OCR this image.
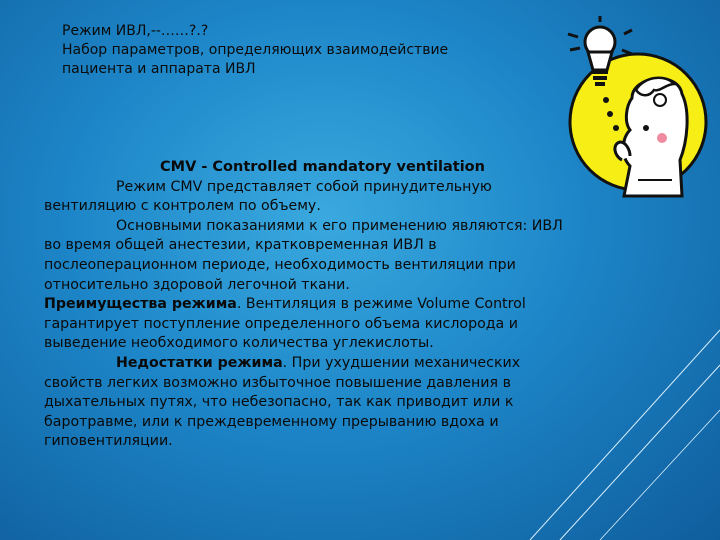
Режим ИВЛ,--……?.?
Набор параметров, определяющих взаимодействие
пациента и аппарата ИВЛ
CMV - Controlled mandatory ventilation
Режим CMV представляет собой принудительную
вентиляцию с контролем по объему.
Основными показаниями к его применению являются: ИВЛ
во время общей анестезии, кратковременная ИВЛ в
послеоперационном периоде, необходимость вентиляции при
относительно здоровой легочной ткани.
Преимущества режима. Вентиляция в режиме Volume Control
гарантирует поступление определенного объема кислорода и
выведение необходимого количества углекислоты.
Недостатки режима. При ухудшении механических
свойств легких возможно избыточное повышение давления в
дыхательных путях, что небезопасно, так как приводит или к
баротравме, или к преждевременному прерыванию вдоха и
гиповентиляции.
